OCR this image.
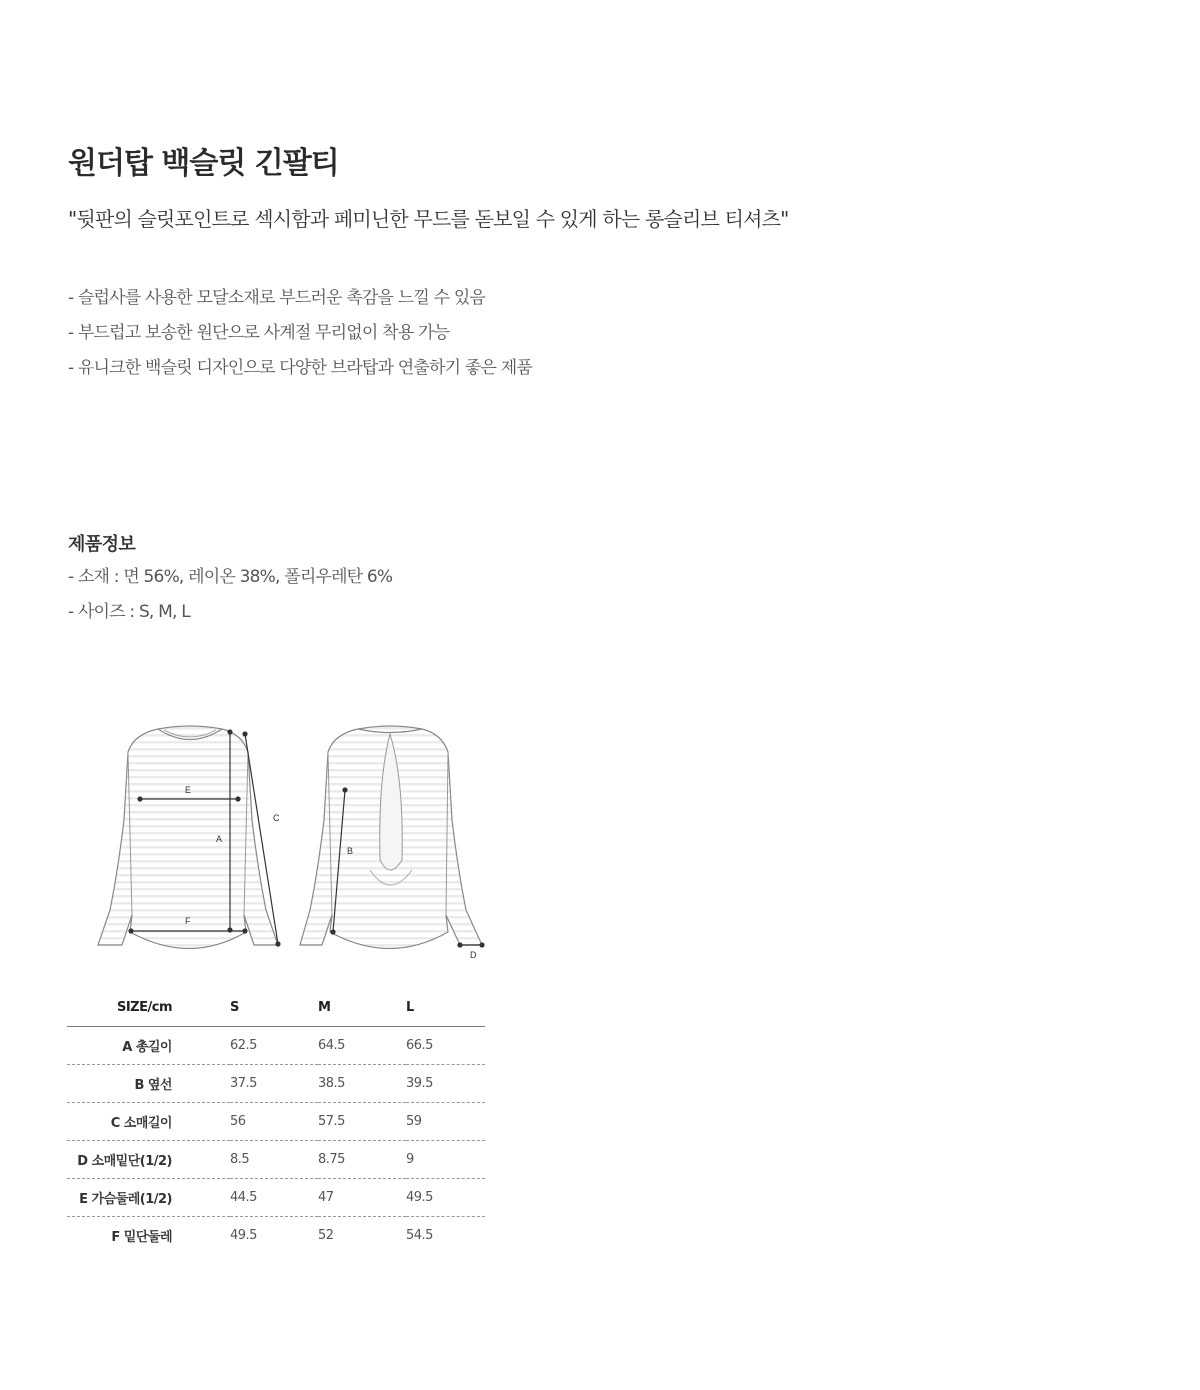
원더탑 백슬릿 긴팔티

"뒷판의 슬릿포인트로 섹시함과 페미닌한 무드를 돋보일 수 있게 하는 롱슬리브 티셔츠"

- 슬럽사를 사용한 모달소재로 부드러운 촉감을 느낄 수 있음
- 부드럽고 보송한 원단으로 사계절 무리없이 착용 가능
- 유니크한 백슬릿 디자인으로 다양한 브라탑과 연출하기 좋은 제품
제품정보
- 소재 : 면 56%, 레이온 38%, 폴리우레탄 6%
- 사이즈 : S, M, L
E
A
C
F
B
D
SIZE/cm	S	M	L
A 총길이	62.5	64.5	66.5
B 옆선	37.5	38.5	39.5
C 소매길이	56	57.5	59
D 소매밑단(1/2)	8.5	8.75	9
E 가슴둘레(1/2)	44.5	47	49.5
F 밑단둘레	49.5	52	54.5
